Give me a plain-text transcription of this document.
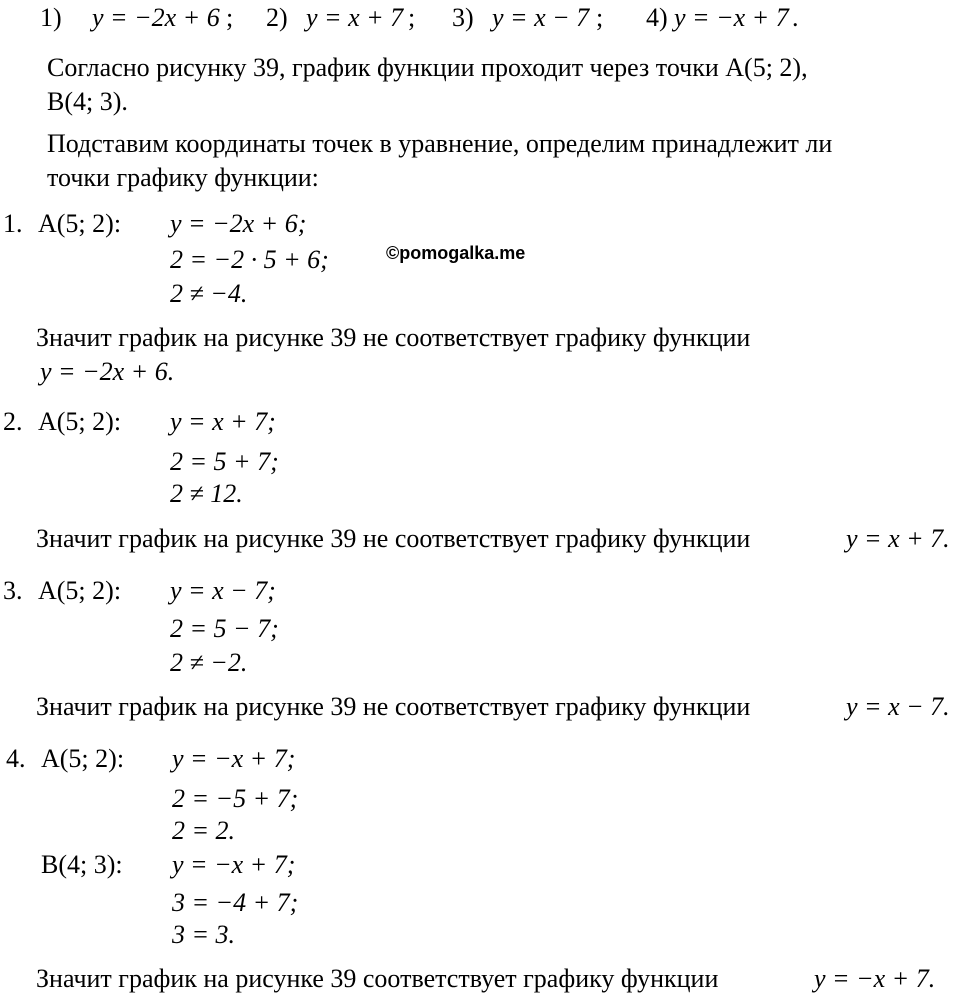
1) y = −2x + 6 ; 2) y = x + 7 ; 3) y = x − 7 ; 4) y = −x + 7 .
Согласно рисунку 39, график функции проходит через точки A(5; 2),
B(4; 3).
Подставим координаты точек в уравнение, определим принадлежит ли
точки графику функции:
1. A(5; 2): y = −2x + 6;
2 = −2 · 5 + 6;	©pomogalka.me
2 ≠ −4.
Значит график на рисунке 39 не соответствует графику функции
y = −2x + 6.
2. A(5; 2): y = x + 7;
2 = 5 + 7;
2 ≠ 12.
Значит график на рисунке 39 не соответствует графику функции	y = x + 7.
3. A(5; 2): y = x − 7;
2 = 5 − 7;
2 ≠ −2.
Значит график на рисунке 39 не соответствует графику функции	y = x − 7.
4. A(5; 2): y = −x + 7;
2 = −5 + 7;
2 = 2.
B(4; 3): y = −x + 7;
3 = −4 + 7;
3 = 3.
Значит график на рисунке 39 соответствует графику функции	y = −x + 7.
